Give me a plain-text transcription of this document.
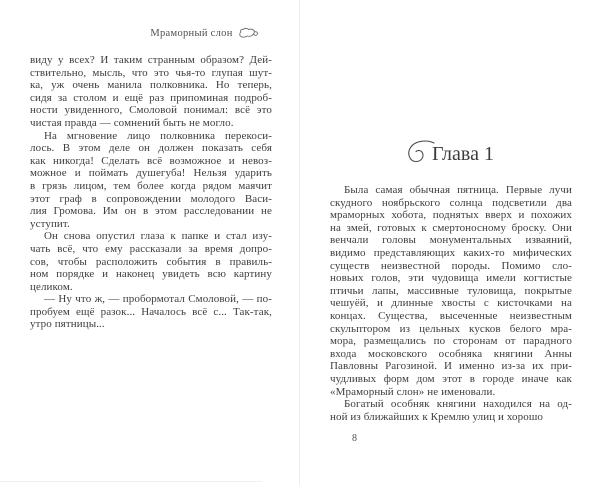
Мраморный слон
виду у всех? И таким странным образом? Дей-
ствительно, мысль, что это чья-то глупая шут-
ка, уж очень манила полковника. Но теперь,
сидя за столом и ещё раз припоминая подроб-
ности увиденного, Смоловой понимал: всё это
чистая правда — сомнений быть не могло.
На мгновение лицо полковника перекоси-
лось. В этом деле он должен показать себя
как никогда! Сделать всё возможное и невоз-
можное и поймать душегуба! Нельзя ударить
в грязь лицом, тем более когда рядом маячит
этот граф в сопровождении молодого Васи-
лия Громова. Им он в этом расследовании не
уступит.
Он снова опустил глаза к папке и стал изу-
чать всё, что ему рассказали за время допро-
сов, чтобы расположить события в правиль-
ном порядке и наконец увидеть всю картину
целиком.
— Ну что ж, — пробормотал Смоловой, — по-
пробуем ещё разок... Началось всё с... Так-так,
утро пятницы...
Глава 1
Была самая обычная пятница. Первые лучи
скудного ноябрьского солнца подсветили два
мраморных хобота, поднятых вверх и похожих
на змей, готовых к смертоносному броску. Они
венчали головы монументальных изваяний,
видимо представляющих каких-то мифических
существ неизвестной породы. Помимо сло-
новьих голов, эти чудовища имели когтистые
птичьи лапы, массивные туловища, покрытые
чешуёй, и длинные хвосты с кисточками на
концах. Существа, высеченные неизвестным
скульптором из цельных кусков белого мра-
мора, размещались по сторонам от парадного
входа московского особняка княгини Анны
Павловны Рагозиной. И именно из-за их при-
чудливых форм дом этот в городе иначе как
«Мраморный слон» не именовали.
Богатый особняк княгини находился на од-
ной из ближайших к Кремлю улиц и хорошо
8
